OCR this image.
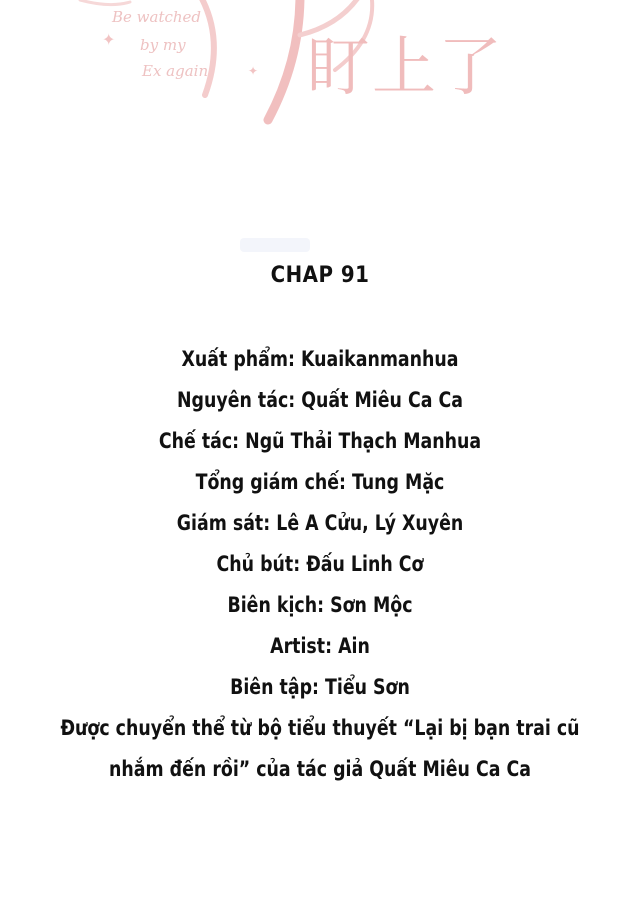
Be watched
by my
Ex again 盯上了
✦
✦
CHAP 91
Xuất phẩm: Kuaikanmanhua
Nguyên tác: Quất Miêu Ca Ca
Chế tác: Ngũ Thải Thạch Manhua
Tổng giám chế: Tung Mặc
Giám sát: Lê A Cửu, Lý Xuyên
Chủ bút: Đấu Linh Cơ
Biên kịch: Sơn Mộc
Artist: Ain
Biên tập: Tiểu Sơn
Được chuyển thể từ bộ tiểu thuyết “Lại bị bạn trai cũ
nhắm đến rồi” của tác giả Quất Miêu Ca Ca
